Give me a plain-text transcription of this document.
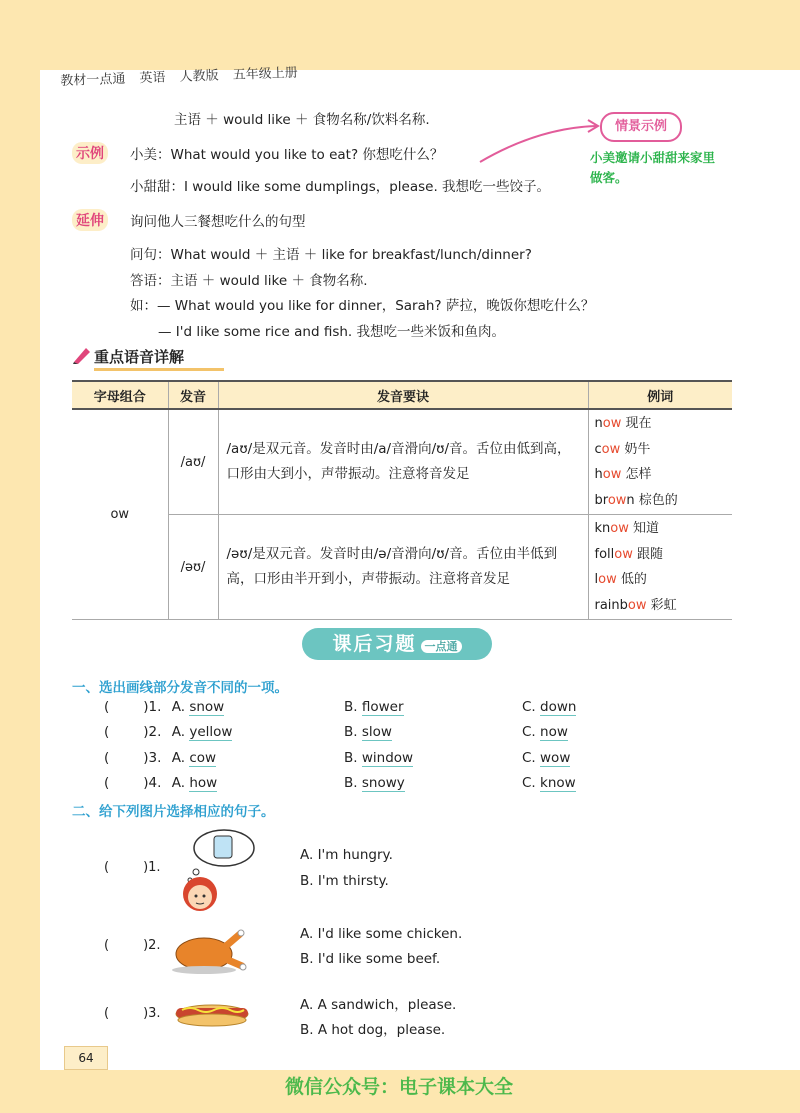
教材一点通 英语 人教版 五年级上册
主语 ＋ would like ＋ 食物名称/饮料名称.
示例 小美：What would you like to eat? 你想吃什么？
小甜甜：I would like some dumplings，please. 我想吃一些饺子。
情景示例
小美邀请小甜甜来家里做客。
延伸 询问他人三餐想吃什么的句型
问句：What would ＋ 主语 ＋ like for breakfast/lunch/dinner?
答语：主语 ＋ would like ＋ 食物名称.
如：— What would you like for dinner，Sarah? 萨拉，晚饭你想吃什么？
— I'd like some rice and fish. 我想吃一些米饭和鱼肉。
重点语音详解
字母组合	发音	发音要诀	例词
ow	/aʊ/	/aʊ/是双元音。发音时由/a/音滑向/ʊ/音。舌位由低到高，口形由大到小，声带振动。注意将音发足	now 现在
cow 奶牛
how 怎样
brown 棕色的

	/əʊ/	/əʊ/是双元音。发音时由/ə/音滑向/ʊ/音。舌位由半低到高，口形由半开到小，声带振动。注意将音发足	know 知道
follow 跟随
low 低的
rainbow 彩虹
课后习题 一点通
一、选出画线部分发音不同的一项。
(	)1. A. snow	B. flower	C. down
(	)2. A. yellow	B. slow	C. now
(	)3. A. cow	B. window	C. wow
(	)4. A. how	B. snowy	C. know
二、给下列图片选择相应的句子。
(	)1.
A. I'm hungry.
B. I'm thirsty.
(	)2.
A. I'd like some chicken.
B. I'd like some beef.
(	)3.
A. A sandwich，please.
B. A hot dog，please.
64
微信公众号：电子课本大全
